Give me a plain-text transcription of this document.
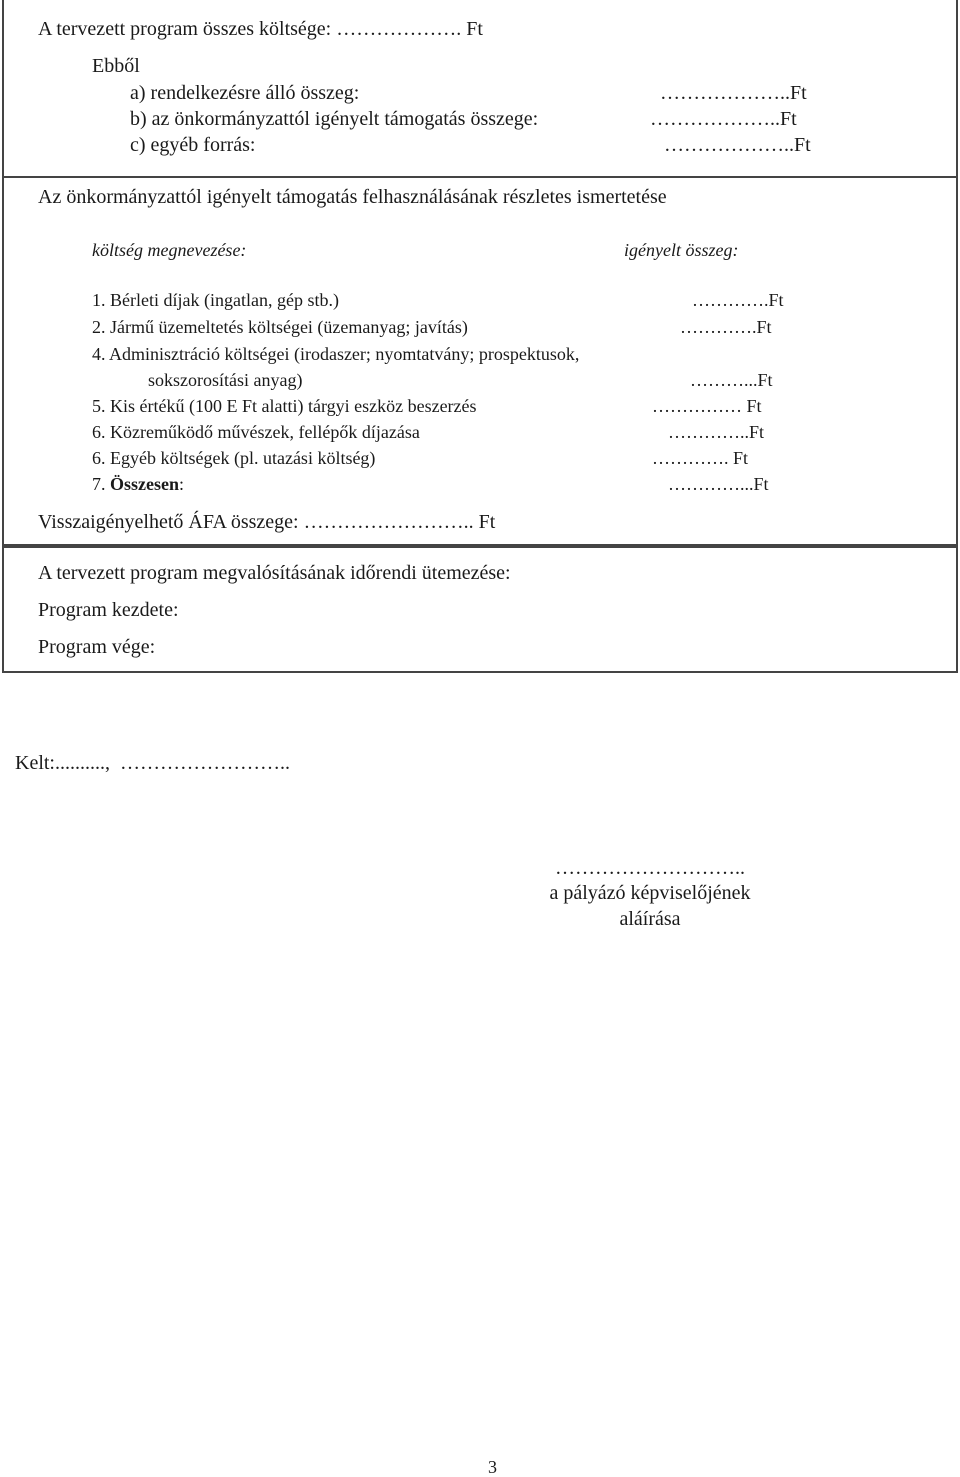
A tervezett program összes költsége: ………………. Ft
Ebből
a) rendelkezésre álló összeg:	………………..Ft
b) az önkormányzattól igényelt támogatás összege:	………………..Ft
c) egyéb forrás:	………………..Ft
Az önkormányzattól igényelt támogatás felhasználásának részletes ismertetése
költség megnevezése:	igényelt összeg:
1. Bérleti díjak (ingatlan, gép stb.)	………….Ft
2. Jármű üzemeltetés költségei (üzemanyag; javítás)	………….Ft
4. Adminisztráció költségei (irodaszer; nyomtatvány; prospektusok,
sokszorosítási anyag)	………...Ft
5. Kis értékű (100 E Ft alatti) tárgyi eszköz beszerzés	…………… Ft
6. Közreműködő művészek, fellépők díjazása	…………..Ft
6. Egyéb költségek (pl. utazási költség)	…………. Ft
7. Összesen:	…………...Ft
Visszaigényelhető ÁFA összege: …………………….. Ft
A tervezett program megvalósításának időrendi ütemezése:
Program kezdete:
Program vége:
Kelt:..........,  ……………………..
………………………..
a pályázó képviselőjének
aláírása
3
